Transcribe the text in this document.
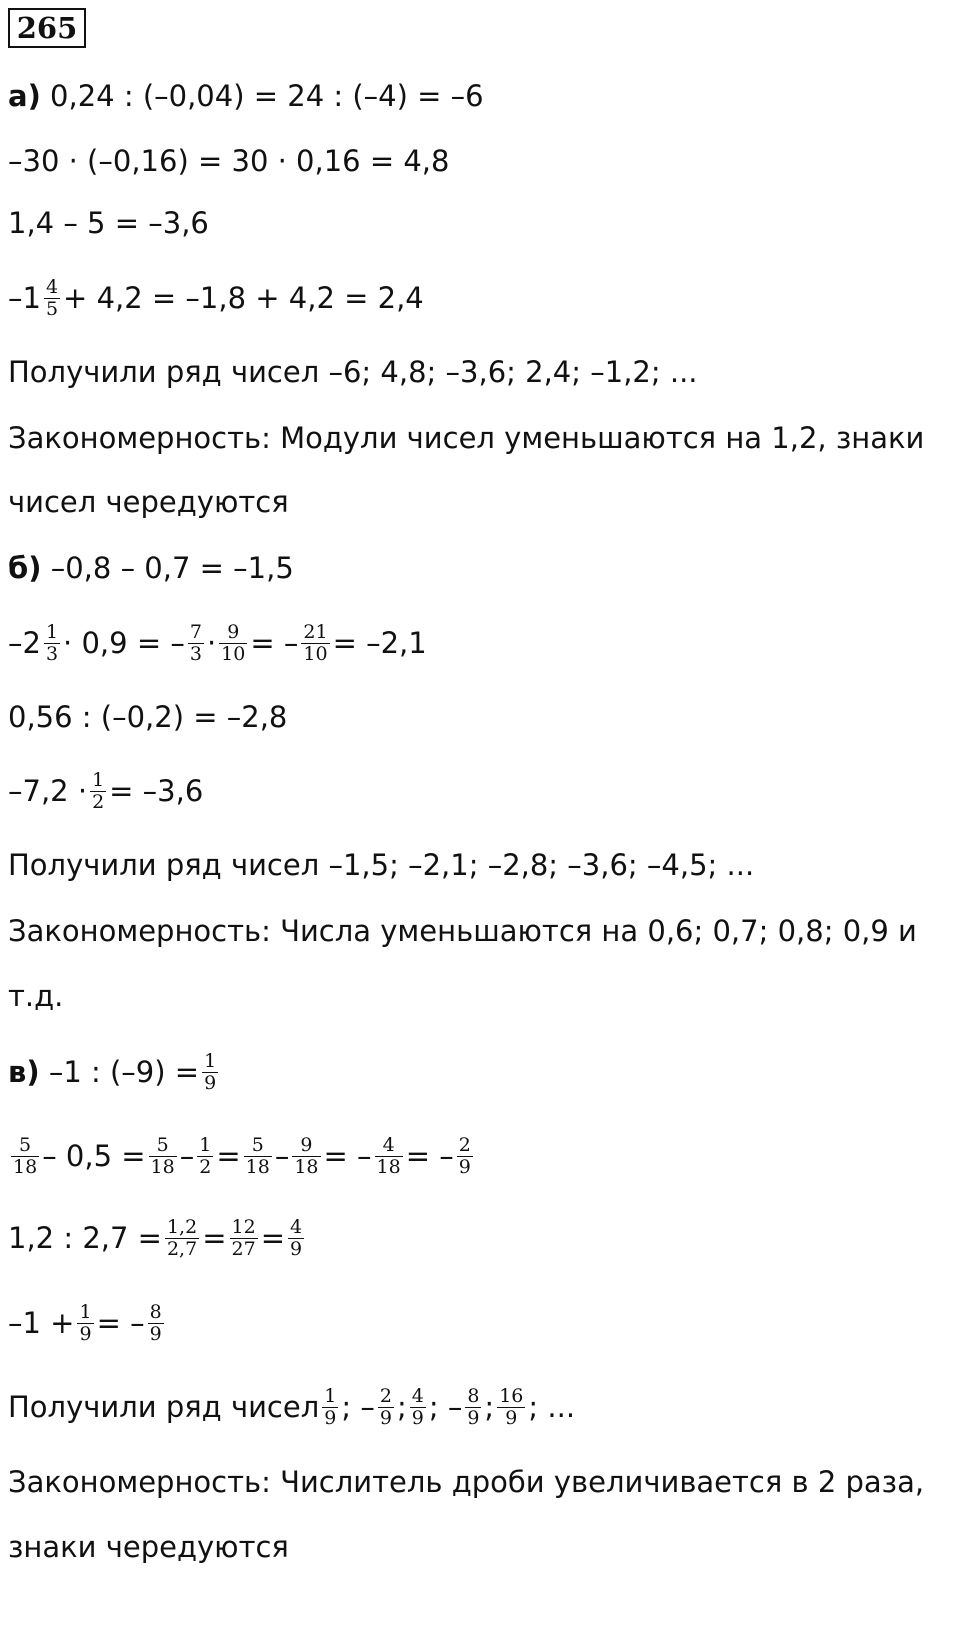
265
а) 0,24 : (–0,04) = 24 : (–4) = –6
–30 · (–0,16) = 30 · 0,16 = 4,8
1,4 – 5 = –3,6
$-1 \frac{4}{5} + 4,2 = -1,8 + 4,2 = 2,4$
Получили ряд чисел –6; 4,8; –3,6; 2,4; –1,2; ...
Закономерность: Модули чисел уменьшаются на 1,2, знаки
чисел чередуются
б) –0,8 – 0,7 = –1,5
$-2 \frac{1}{3} \cdot 0,9$ = – $\frac{7}{3} \cdot \frac{9}{10}$ = – $\frac{21}{10} = -2,1$
0,56 : (–0,2) = –2,8
$-7,2 \cdot \frac{1}{2} = -3,6$
Получили ряд чисел –1,5; –2,1; –2,8; –3,6; –4,5; ...
Закономерность: Числа уменьшаются на 0,6; 0,7; 0,8; 0,9 и
т.д.
в) –1 : $(-9) = \frac{1}{9}$
$\frac{5}{18} - 0,5 = \frac{5}{18} - \frac{1}{2} = \frac{5}{18} - \frac{9}{18}$ = – $\frac{4}{18}$ = – $\frac{2}{9}$
1,2 : $2,7 = \frac{1,2}{2,7} = \frac{12}{27} = \frac{4}{9}$
$-1 + \frac{1}{9}$ = – $\frac{8}{9}$
Получили ряд чисел $\frac{1}{9}$ ; – $\frac{2}{9}$ ; $\frac{4}{9}$ ; – $\frac{8}{9}$ ; $\frac{16}{9}$ ; ...
Закономерность: Числитель дроби увеличивается в 2 раза,
знаки чередуются
